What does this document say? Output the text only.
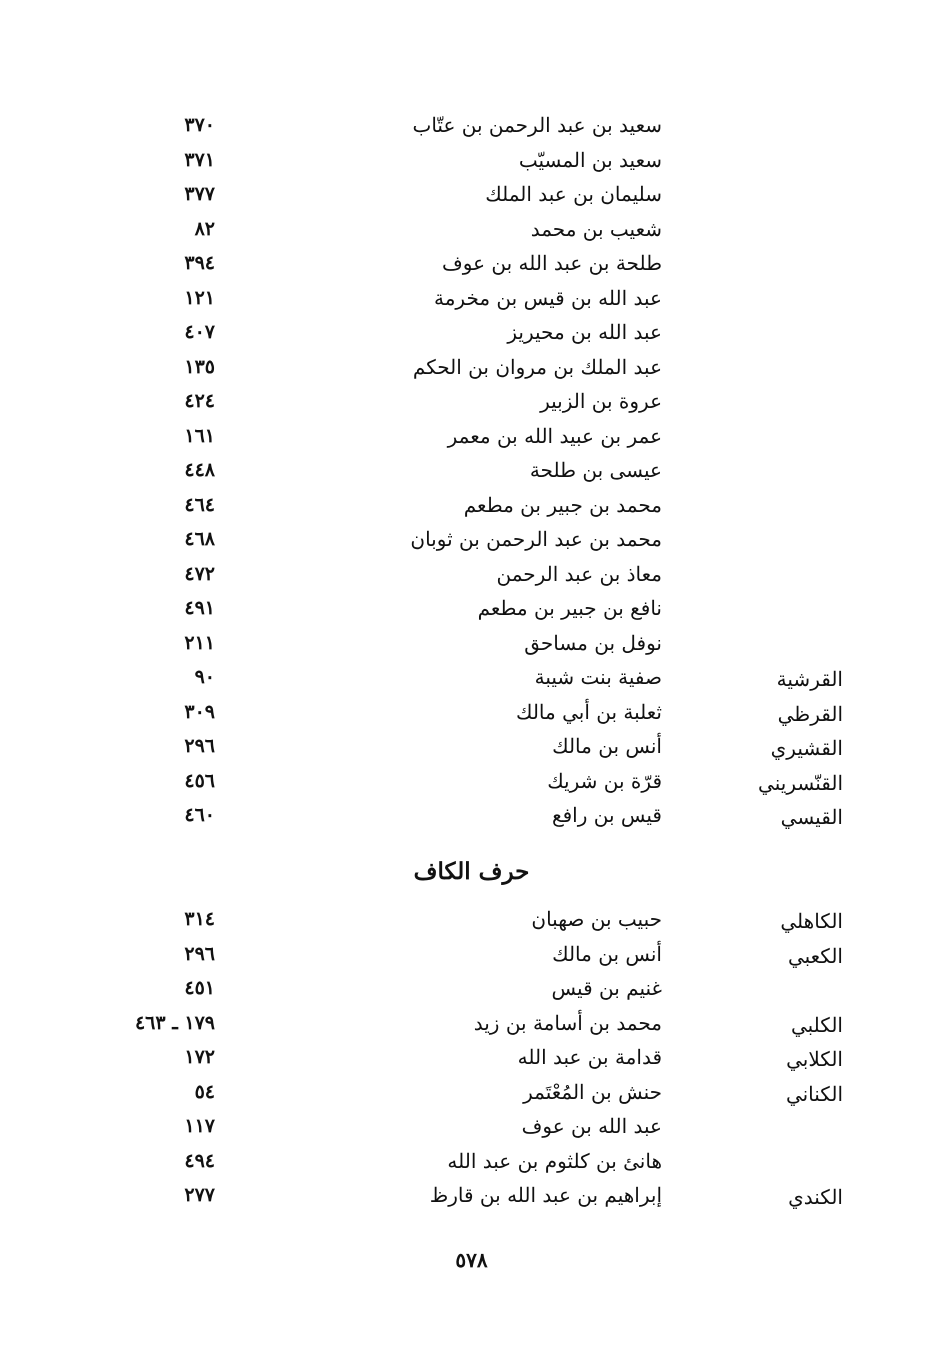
سعيد بن عبد الرحمن بن عتّاب
٣٧٠
سعيد بن المسيّب
٣٧١
سليمان بن عبد الملك
٣٧٧
شعيب بن محمد
٨٢
طلحة بن عبد الله بن عوف
٣٩٤
عبد الله بن قيس بن مخرمة
١٢١
عبد الله بن محيريز
٤٠٧
عبد الملك بن مروان بن الحكم
١٣٥
عروة بن الزبير
٤٢٤
عمر بن عبيد الله بن معمر
١٦١
عيسى بن طلحة
٤٤٨
محمد بن جبير بن مطعم
٤٦٤
محمد بن عبد الرحمن بن ثوبان
٤٦٨
معاذ بن عبد الرحمن
٤٧٢
نافع بن جبير بن مطعم
٤٩١
نوفل بن مساحق
٢١١
القرشية
صفية بنت شيبة
٩٠
القرظي
ثعلبة بن أبي مالك
٣٠٩
القشيري
أنس بن مالك
٢٩٦
القنّسريني
قرّة بن شريك
٤٥٦
القيسي
قيس بن رافع
٤٦٠
حرف الكاف
الكاهلي
حبيب بن صهبان
٣١٤
الكعبي
أنس بن مالك
٢٩٦
غنيم بن قيس
٤٥١
الكلبي
محمد بن أسامة بن زيد
١٧٩ ـ ٤٦٣
الكلابي
قدامة بن عبد الله
١٧٢
الكناني
حنش بن المُعْتَمر
٥٤
عبد الله بن عوف
١١٧
هانئ بن كلثوم بن عبد الله
٤٩٤
الكندي
إبراهيم بن عبد الله بن قارظ
٢٧٧
٥٧٨
